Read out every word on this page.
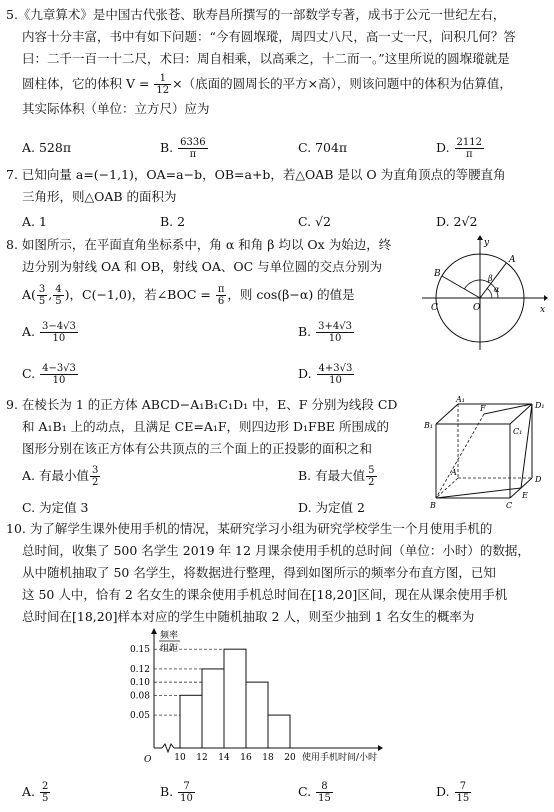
5.《九章算术》是中国古代张苍、耿寿昌所撰写的一部数学专著，成书于公元一世纪左右，
内容十分丰富，书中有如下问题：“今有圆堢瑽，周四丈八尺，高一丈一尺，问积几何？答
曰：二千一百一十二尺，术曰：周自相乘，以高乘之，十二而一。”这里所说的圆堢瑽就是
圆柱体，它的体积 $V = \frac{1}{12}$ ×（底面的圆周长的平方×高），则该问题中的体积为估算值，
其实际体积（单位：立方尺）应为
A. 528π	B. $\frac{6336}{\pi}$	C. 704π	D. $\frac{2112}{\pi}$
7. 已知向量 a=(−1,1)，OA=a−b，OB=a+b，若△OAB 是以 O 为直角顶点的等腰直角
三角形，则△OAB 的面积为
A. 1	B. 2	C. √2	D. 2√2
8. 如图所示，在平面直角坐标系中，角 α 和角 β 均以 Ox 为始边，终
边分别为射线 OA 和 OB，射线 OA、OC 与单位圆的交点分别为
$A( \frac{3}{5}$ , $\frac{4}{5}$ )，C(−1,0)，若∠BOC = $\frac{\pi}{6}$ ，则 cos(β−α) 的值是
A. $\frac{3-4√3}{10}$	B. $\frac{3+4√3}{10}$
C. $\frac{4-3√3}{10}$	D. $\frac{4+3√3}{10}$
y
x
O
A
B
C
α
β
9. 在棱长为 1 的正方体 ABCD−A₁B₁C₁D₁ 中，E、F 分别为线段 CD
和 A₁B₁ 上的动点，且满足 CE=A₁F，则四边形 D₁FBE 所围成的
图形分别在该正方体有公共顶点的三个面上的正投影的面积之和
A. 有最小值 $\frac{3}{2}$	B. 有最大值 $\frac{5}{2}$
C. 为定值 3	D. 为定值 2
A₁
D₁
B₁
C₁
A
D
B	C
E
F
10. 为了解学生课外使用手机的情况，某研究学习小组为研究学校学生一个月使用手机的
总时间，收集了 500 名学生 2019 年 12 月课余使用手机的总时间（单位：小时）的数据，
从中随机抽取了 50 名学生，将数据进行整理，得到如图所示的频率分布直方图，已知
这 50 人中，恰有 2 名女生的课余使用手机总时间在[18,20]区间，现在从课余使用手机
总时间在[18,20]样本对应的学生中随机抽取 2 人，则至少抽到 1 名女生的概率为
0.05
0.08
0.10
0.12
0.15
10 12 14 16 18 20
O	使用手机时间/小时
频率
组距
A. $\frac{2}{5}$	B. $\frac{7}{10}$	C. $\frac{8}{15}$	D. $\frac{7}{15}$
